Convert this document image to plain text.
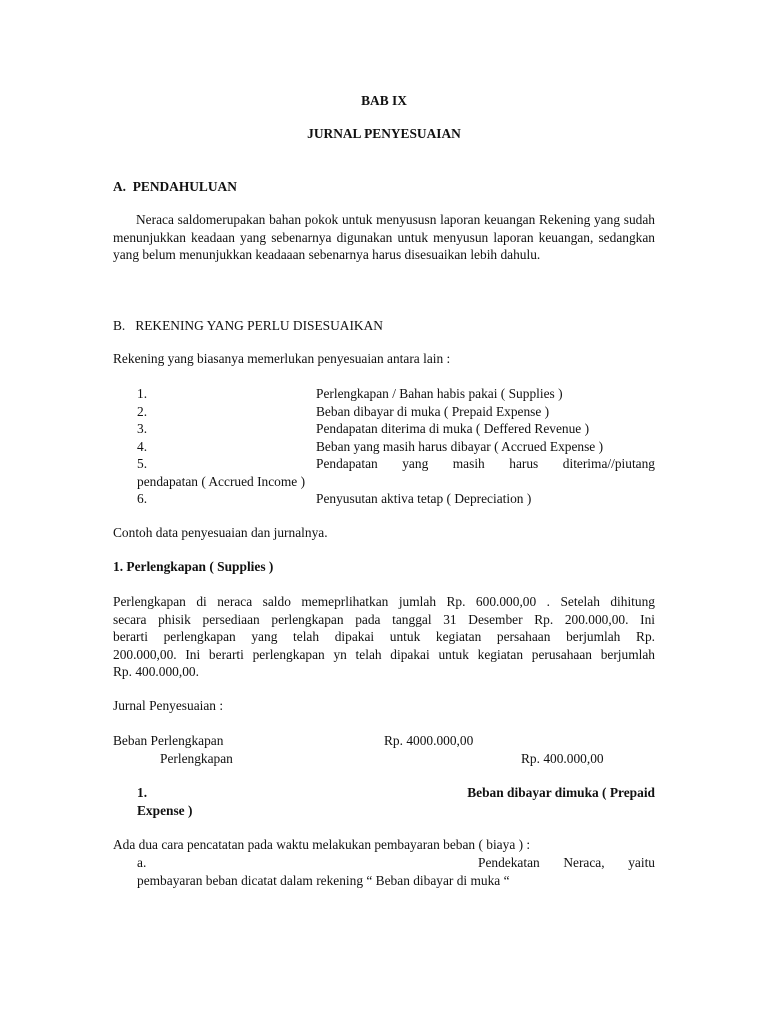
BAB IX
JURNAL PENYESUAIAN
A.  PENDAHULUAN
Neraca saldomerupakan bahan pokok untuk menyususn laporan keuangan Rekening yang sudah menunjukkan keadaan yang sebenarnya digunakan untuk menyusun laporan keuangan, sedangkan yang belum menunjukkan keadaaan sebenarnya harus disesuaikan lebih dahulu.
B.   REKENING YANG PERLU DISESUAIKAN
Rekening yang biasanya memerlukan penyesuaian antara lain :
1.	Perlengkapan / Bahan habis pakai ( Supplies )
2.	Beban dibayar di muka ( Prepaid Expense )
3.	Pendapatan diterima di muka ( Deffered Revenue )
4.	Beban yang masih harus dibayar ( Accrued Expense )
5.	Pendapatan yang masih harus diterima//piutang
pendapatan ( Accrued Income )
6.	Penyusutan aktiva tetap ( Depreciation )
Contoh data penyesuaian dan jurnalnya.
1. Perlengkapan ( Supplies )
Perlengkapan di neraca saldo memeprlihatkan jumlah Rp. 600.000,00 . Setelah dihitung
secara phisik persediaan perlengkapan pada tanggal 31 Desember Rp. 200.000,00. Ini
berarti perlengkapan yang telah dipakai untuk kegiatan persahaan berjumlah Rp.
200.000,00. Ini berarti perlengkapan yn telah dipakai untuk kegiatan perusahaan berjumlah
Rp. 400.000,00.
Jurnal Penyesuaian :
Beban Perlengkapan	Rp. 4000.000,00
Perlengkapan	Rp. 400.000,00
1.	Beban dibayar dimuka ( Prepaid
Expense )
Ada dua cara pencatatan pada waktu melakukan pembayaran beban ( biaya ) :
a.	Pendekatan Neraca, yaitu
pembayaran beban dicatat dalam rekening “ Beban dibayar di muka “
